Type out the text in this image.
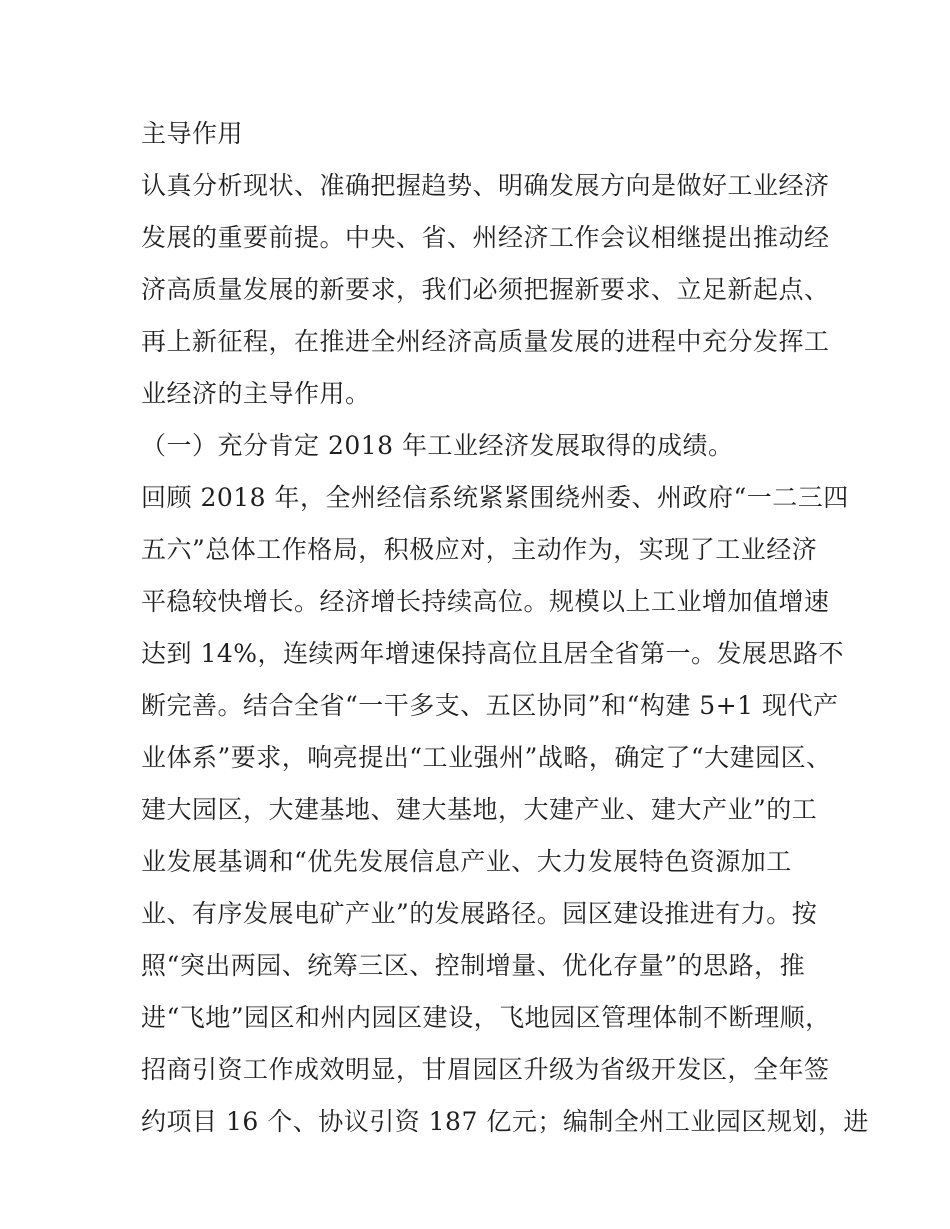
主导作用
认真分析现状、准确把握趋势、明确发展方向是做好工业经济
发展的重要前提。中央、省、州经济工作会议相继提出推动经
济高质量发展的新要求，我们必须把握新要求、立足新起点、
再上新征程，在推进全州经济高质量发展的进程中充分发挥工
业经济的主导作用。
（一）充分肯定 2018 年工业经济发展取得的成绩。
回顾 2018 年，全州经信系统紧紧围绕州委、州政府“一二三四
五六”总体工作格局，积极应对，主动作为，实现了工业经济
平稳较快增长。经济增长持续高位。规模以上工业增加值增速
达到 14%，连续两年增速保持高位且居全省第一。发展思路不
断完善。结合全省“一干多支、五区协同”和“构建 5+1 现代产
业体系”要求，响亮提出“工业强州”战略，确定了“大建园区、
建大园区，大建基地、建大基地，大建产业、建大产业”的工
业发展基调和“优先发展信息产业、大力发展特色资源加工
业、有序发展电矿产业”的发展路径。园区建设推进有力。按
照“突出两园、统筹三区、控制增量、优化存量”的思路，推
进“飞地”园区和州内园区建设，飞地园区管理体制不断理顺，
招商引资工作成效明显，甘眉园区升级为省级开发区，全年签
约项目 16 个、协议引资 187 亿元；编制全州工业园区规划，进
